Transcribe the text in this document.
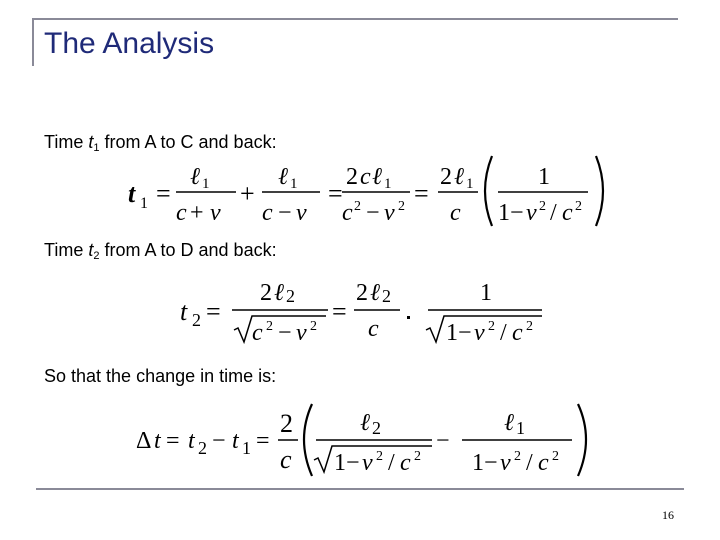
The Analysis
Time $t_1$ from A to C and back:
t 1 =
ℓ 1
c + v
+
ℓ 1
c − v
=
2 c ℓ 1
c 2 − v 2 =
2 ℓ 1
c
1
1 − v 2 / c 2
Time $t_2$ from A to D and back:
t 2 =
2 ℓ 2
c 2 − v 2
=
2 ℓ 2
c
1
1 − v 2 / c 2
So that the change in time is:
Δ t = t 2 − t 1 =
2
c
ℓ 2
1 − v 2 / c 2
−
ℓ 1
1 − v 2 / c 2
16
